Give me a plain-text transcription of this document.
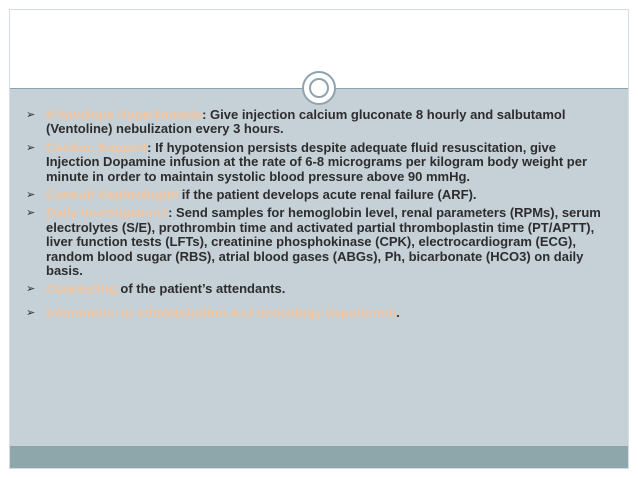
➢ If develops Hyperkalemia: Give injection calcium gluconate 8 hourly and salbutamol (Ventoline) nebulization every 3 hours.
➢ Cardiac Support: If hypotension persists despite adequate fluid resuscitation, give Injection Dopamine infusion at the rate of 6-8 micrograms per kilogram body weight per minute in order to maintain systolic blood pressure above 90 mmHg.
➢ Consult Nephrologist if the patient develops acute renal failure (ARF).
➢ Daily Investigations: Send samples for hemoglobin level, renal parameters (RPMs), serum electrolytes (S/E), prothrombin time and activated partial thromboplastin time (PT/APTT), liver function tests (LFTs), creatinine phosphokinase (CPK), electrocardiogram (ECG), random blood sugar (RBS), atrial blood gases (ABGs), Ph, bicarbonate (HCO3) on daily basis.
➢ Counseling of the patient’s attendants.
➢ Information to administration and toxicology department.
